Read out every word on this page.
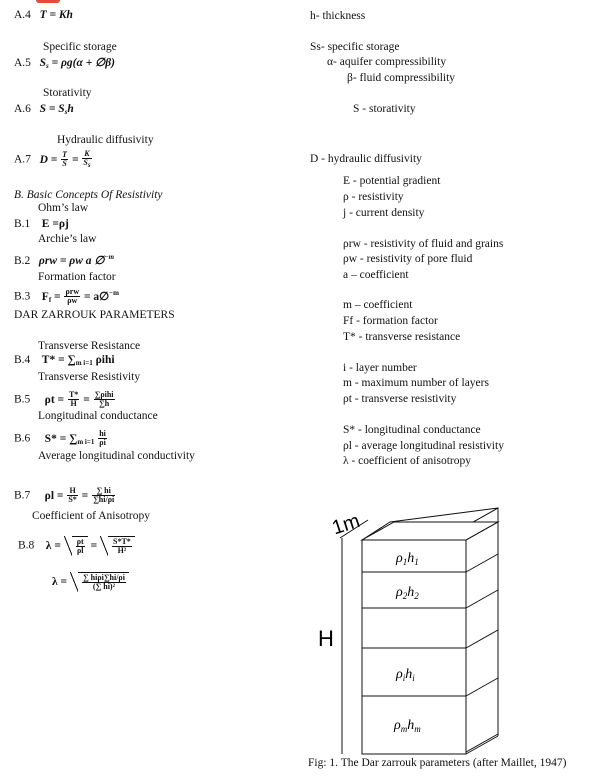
A.4 T = Kh
Specific storage
A.5 $S_s = \rho g(\alpha$ + ∅β)
Storativity
A.6 $S = S_sh$
Hydraulic diffusivity
A.7 $D = \frac{T}{S} = \frac{K}{Ss}$
B. Basic Concepts Of Resistivity
Ohm’s law
B.1 E =ρj
Archie’s law
B.2 ρrw = ρw a ∅$^{-m}$
Formation factor
B.3 $F_f = \frac{\text{ρrw}}{\rho w}$ = a∅$^{-m}$
DAR ZARROUK PARAMETERS
Transverse Resistance
B.4 $T* = \sum_{m i=1}$ ρihi
Transverse Resistivity
B.5 $\rho t = \frac{T*}{H} = \frac{\text{∑ρihi}}{\sum h}$
Longitudinal conductance
B.6 $S* = \sum_{m i=1} \frac{hi}{\rho i}$
Average longitudinal conductivity
B.7 $\rho l = \frac{H}{S*} = \frac{\sum hi}{\sum hi/\rho i}$
Coefficient of Anisotropy
B.8 $\lambda = \frac{\rho t}{\rho l} = \frac{S*T*}{\text{H²}}$
$\lambda = \frac{\text{∑ hiρi∑hi/ρi}}{\text{(∑ hi)²}}$
h- thickness
Ss- specific storage
α- aquifer compressibility
β- fluid compressibility
S - storativity
D - hydraulic diffusivity
E - potential gradient
ρ - resistivity
j - current density
ρrw - resistivity of fluid and grains
ρw - resistivity of pore fluid
a – coefficient
m – coefficient
Ff - formation factor
T* - transverse resistance
i - layer number
m - maximum number of layers
ρt - transverse resistivity
S* - longitudinal conductance
ρl - average longitudinal resistivity
λ - coefficient of anisotropy
1m
H
$\rho_1h_1$
$\rho_2h_2$
$\rho_ih_i$
$\rho_mh_m$
Fig: 1. The Dar zarrouk parameters (after Maillet, 1947)
